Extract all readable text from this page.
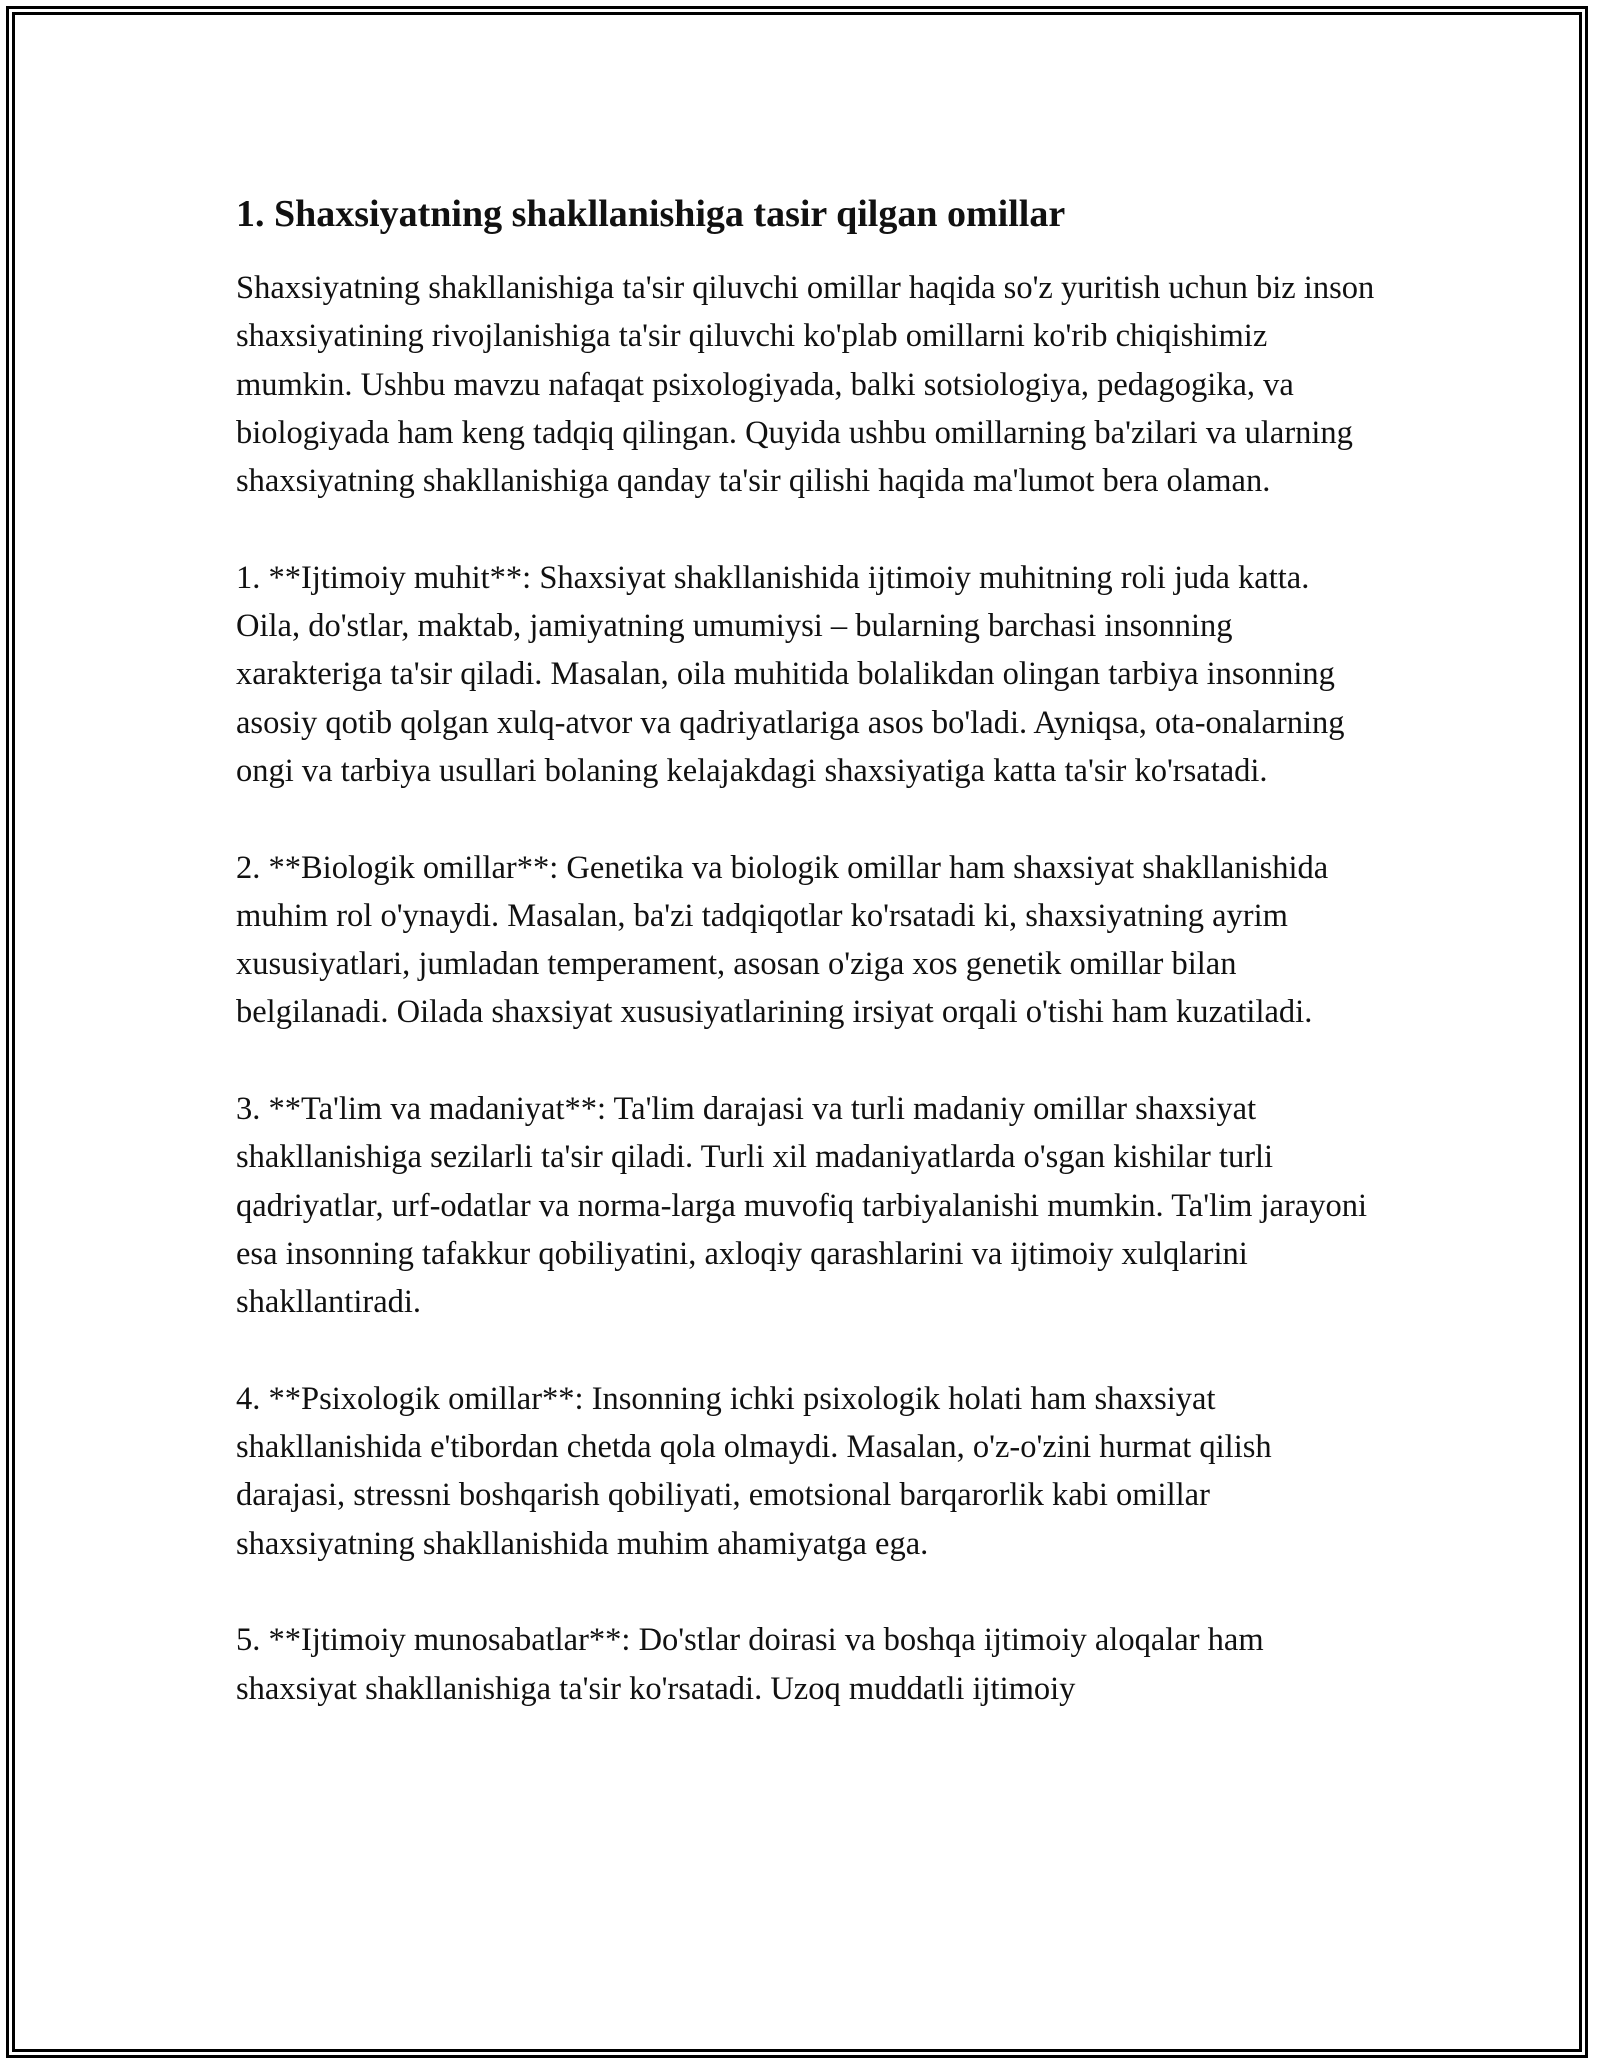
1. Shaxsiyatning shakllanishiga tasir qilgan omillar

Shaxsiyatning shakllanishiga ta'sir qiluvchi omillar haqida so'z yuritish uchun biz inson shaxsiyatining rivojlanishiga ta'sir qiluvchi ko'plab omillarni ko'rib chiqishimiz mumkin. Ushbu mavzu nafaqat psixologiyada, balki sotsiologiya, pedagogika, va biologiyada ham keng tadqiq qilingan. Quyida ushbu omillarning ba'zilari va ularning shaxsiyatning shakllanishiga qanday ta'sir qilishi haqida ma'lumot bera olaman.

1. **Ijtimoiy muhit**: Shaxsiyat shakllanishida ijtimoiy muhitning roli juda katta. Oila, do'stlar, maktab, jamiyatning umumiysi – bularning barchasi insonning xarakteriga ta'sir qiladi. Masalan, oila muhitida bolalikdan olingan tarbiya insonning asosiy qotib qolgan xulq-atvor va qadriyatlariga asos bo'ladi. Ayniqsa, ota-onalarning ongi va tarbiya usullari bolaning kelajakdagi shaxsiyatiga katta ta'sir ko'rsatadi.

2. **Biologik omillar**: Genetika va biologik omillar ham shaxsiyat shakllanishida muhim rol o'ynaydi. Masalan, ba'zi tadqiqotlar ko'rsatadi ki, shaxsiyatning ayrim xususiyatlari, jumladan temperament, asosan o'ziga xos genetik omillar bilan belgilanadi. Oilada shaxsiyat xususiyatlarining irsiyat orqali o'tishi ham kuzatiladi.

3. **Ta'lim va madaniyat**: Ta'lim darajasi va turli madaniy omillar shaxsiyat shakllanishiga sezilarli ta'sir qiladi. Turli xil madaniyatlarda o'sgan kishilar turli qadriyatlar, urf-odatlar va norma-larga muvofiq tarbiyalanishi mumkin. Ta'lim jarayoni esa insonning tafakkur qobiliyatini, axloqiy qarashlarini va ijtimoiy xulqlarini shakllantiradi.

4. **Psixologik omillar**: Insonning ichki psixologik holati ham shaxsiyat shakllanishida e'tibordan chetda qola olmaydi. Masalan, o'z-o'zini hurmat qilish darajasi, stressni boshqarish qobiliyati, emotsional barqarorlik kabi omillar shaxsiyatning shakllanishida muhim ahamiyatga ega.

5. **Ijtimoiy munosabatlar**: Do'stlar doirasi va boshqa ijtimoiy aloqalar ham shaxsiyat shakllanishiga ta'sir ko'rsatadi. Uzoq muddatli ijtimoiy
